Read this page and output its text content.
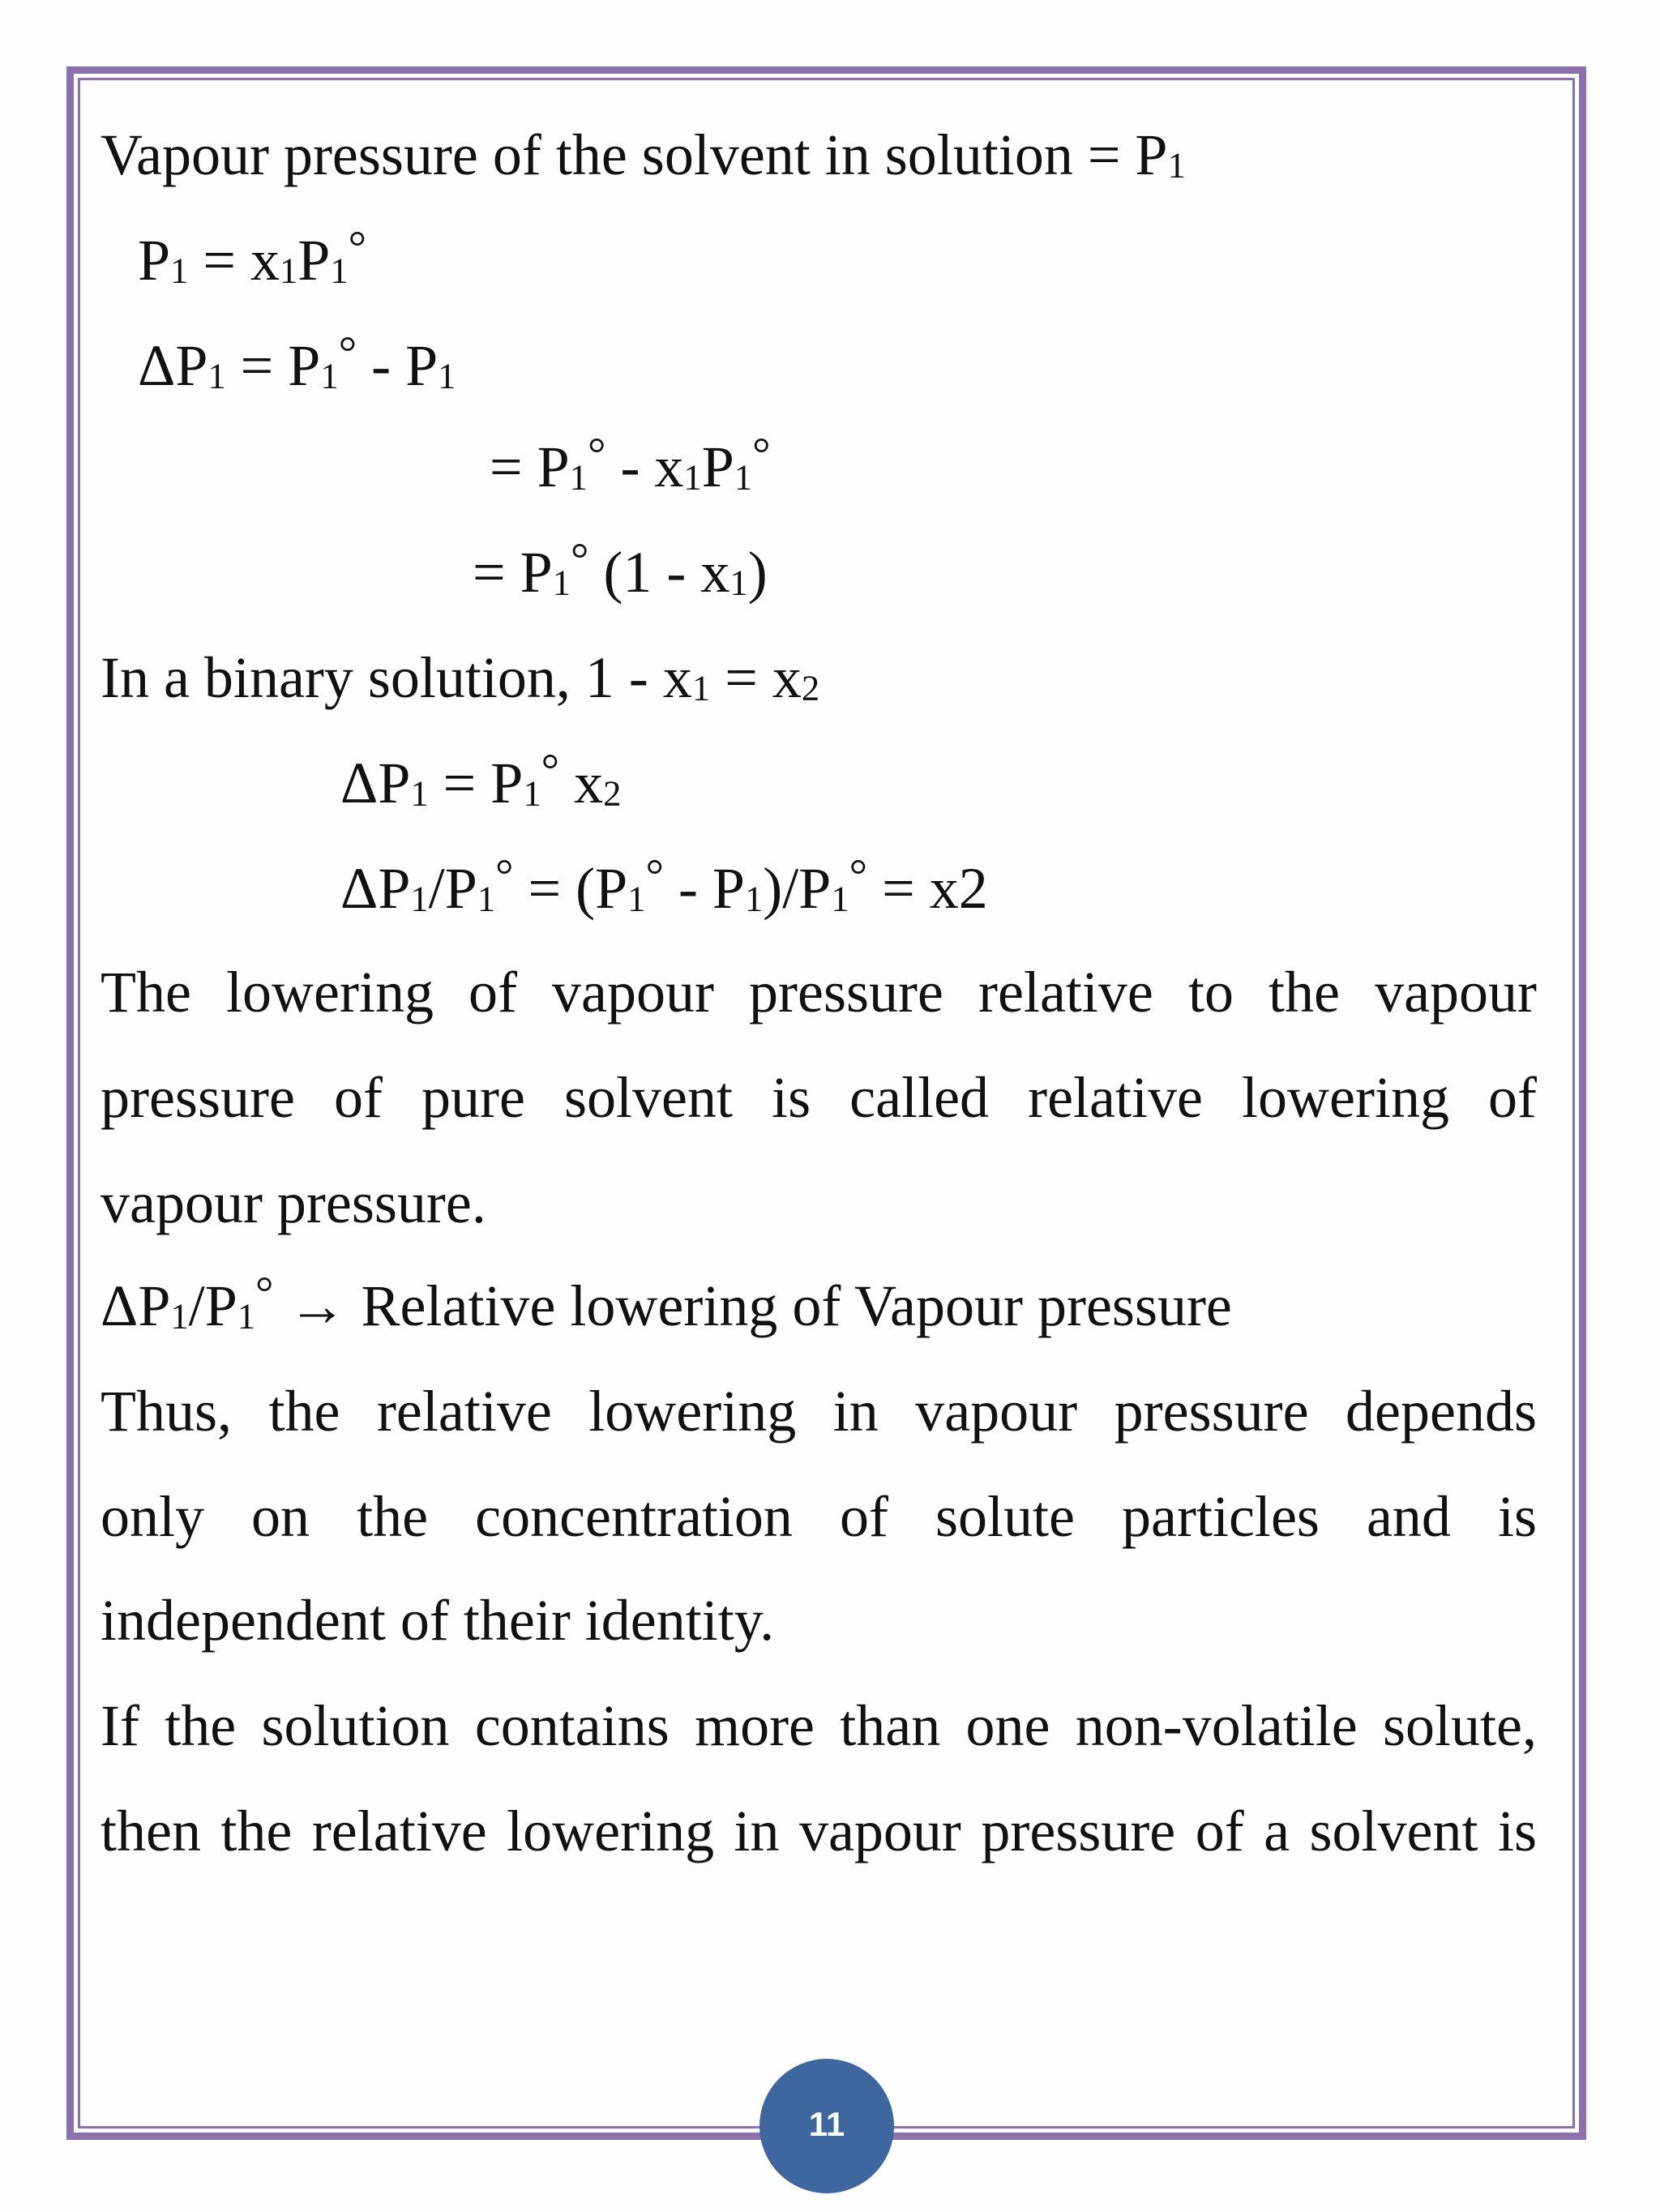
Vapour pressure of the solvent in solution = P1
P1 = x1P1°
ΔP1 = P1° - P1
= P1° - x1P1°
= P1° (1 - x1)
In a binary solution, 1 - x1 = x2
ΔP1 = P1° x2
ΔP1/P1° = (P1° - P1)/P1° = x2
The lowering of vapour pressure relative to the vapour
pressure of pure solvent is called relative lowering of
vapour pressure.
ΔP1/P1° → Relative lowering of Vapour pressure
Thus, the relative lowering in vapour pressure depends
only on the concentration of solute particles and is
independent of their identity.
If the solution contains more than one non-volatile solute,
then the relative lowering in vapour pressure of a solvent is
11
